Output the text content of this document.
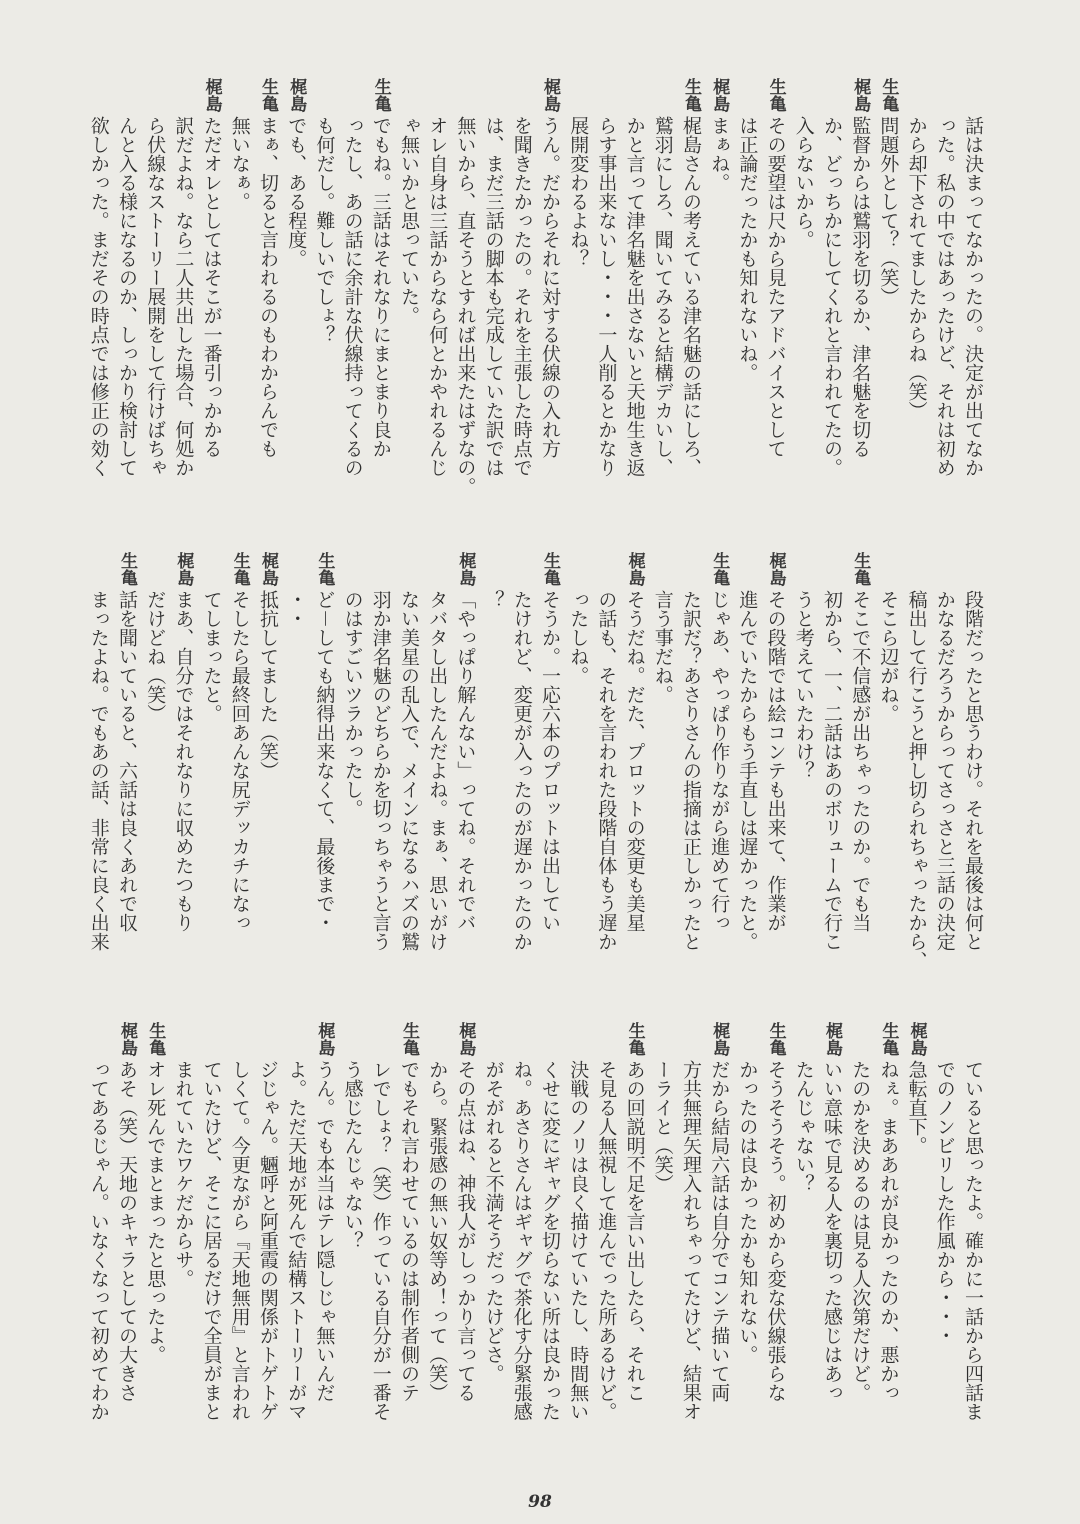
話は決まってなかったの。決定が出てなか
った。私の中ではあったけど、それは初め
から却下されてましたからね（笑）
生亀
問題外として？（笑）
梶島
監督からは鷲羽を切るか、津名魅を切る
か、どっちかにしてくれと言われてたの。
入らないから。
生亀
その要望は尺から見たアドバイスとして
は正論だったかも知れないね。
梶島
まぁね。
生亀
梶島さんの考えている津名魅の話にしろ、
鷲羽にしろ、聞いてみると結構デカいし、
かと言って津名魅を出さないと天地生き返
らす事出来ないし・・・一人削るとかなり
展開変わるよね？
梶島
うん。だからそれに対する伏線の入れ方
を聞きたかったの。それを主張した時点で
は、まだ三話の脚本も完成していた訳では
無いから、直そうとすれば出来たはずなの。
オレ自身は三話からなら何とかやれるんじ
ゃ無いかと思っていた。
生亀
でもね。三話はそれなりにまとまり良か
ったし、あの話に余計な伏線持ってくるの
も何だし。難しいでしょ？
梶島
でも、ある程度。
生亀
まぁ、切ると言われるのもわからんでも
無いなぁ。
梶島
ただオレとしてはそこが一番引っかかる
訳だよね。なら二人共出した場合、何処か
ら伏線なストーリー展開をして行けばちゃ
んと入る様になるのか、しっかり検討して
欲しかった。まだその時点では修正の効く
段階だったと思うわけ。それを最後は何と
かなるだろうからってさっさと三話の決定
稿出して行こうと押し切られちゃったから、
そこら辺がね。
生亀
そこで不信感が出ちゃったのか。でも当
初から、一、二話はあのボリュームで行こ
うと考えていたわけ？
梶島
その段階では絵コンテも出来て、作業が
進んでいたからもう手直しは遅かったと。
生亀
じゃあ、やっぱり作りながら進めて行っ
た訳だ？あさりさんの指摘は正しかったと
言う事だね。
梶島
そうだね。だた、プロットの変更も美星
の話も、それを言われた段階自体もう遅か
ったしね。
生亀
そうか。一応六本のプロットは出してい
たけれど、変更が入ったのが遅かったのか
？
梶島
「やっぱり解んない」ってね。それでバ
タバタし出したんだよね。まぁ、思いがけ
ない美星の乱入で、メインになるハズの鷲
羽か津名魅のどちらかを切っちゃうと言う
のはすごいツラかったし。
生亀
ど－しても納得出来なくて、最後まで・
・・
梶島
抵抗してました（笑）
生亀
そしたら最終回あんな尻デッカチになっ
てしまったと。
梶島
まあ、自分ではそれなりに収めたつもり
だけどね（笑）
生亀
話を聞いていると、六話は良くあれで収
まったよね。でもあの話、非常に良く出来
ていると思ったよ。確かに一話から四話ま
でのノンビリした作風から・・・
梶島
急転直下。
生亀
ねぇ。まああれが良かったのか、悪かっ
たのかを決めるのは見る人次第だけど。
梶島
いい意味で見る人を裏切った感じはあっ
たんじゃない？
生亀
そうそうそう。初めから変な伏線張らな
かったのは良かったかも知れない。
梶島
だから結局六話は自分でコンテ描いて両
方共無理矢理入れちゃってたけど、結果オ
ーライと（笑）
生亀
あの回説明不足を言い出したら、それこ
そ見る人無視して進んでった所あるけど。
決戦のノリは良く描けていたし、時間無い
くせに変にギャグを切らない所は良かった
ね。あさりさんはギャグで茶化す分緊張感
がそがれると不満そうだったけどさ。
梶島
その点はね、神我人がしっかり言ってる
から。緊張感の無い奴等め！って（笑）
生亀
でもそれ言わせているのは制作者側のテ
レでしょ？（笑）作っている自分が一番そ
う感じたんじゃない？
梶島
うん。でも本当はテレ隠しじゃ無いんだ
よ。ただ天地が死んで結構ストーリーがマ
ジじゃん。魎呼と阿重霞の関係がトゲトゲ
しくて。今更ながら『天地無用』と言われ
ていたけど、そこに居るだけで全員がまと
まれていたワケだからサ。
生亀
オレ死んでまとまったと思ったよ。
梶島
あそ（笑）天地のキャラとしての大きさ
ってあるじゃん。いなくなって初めてわか
98
